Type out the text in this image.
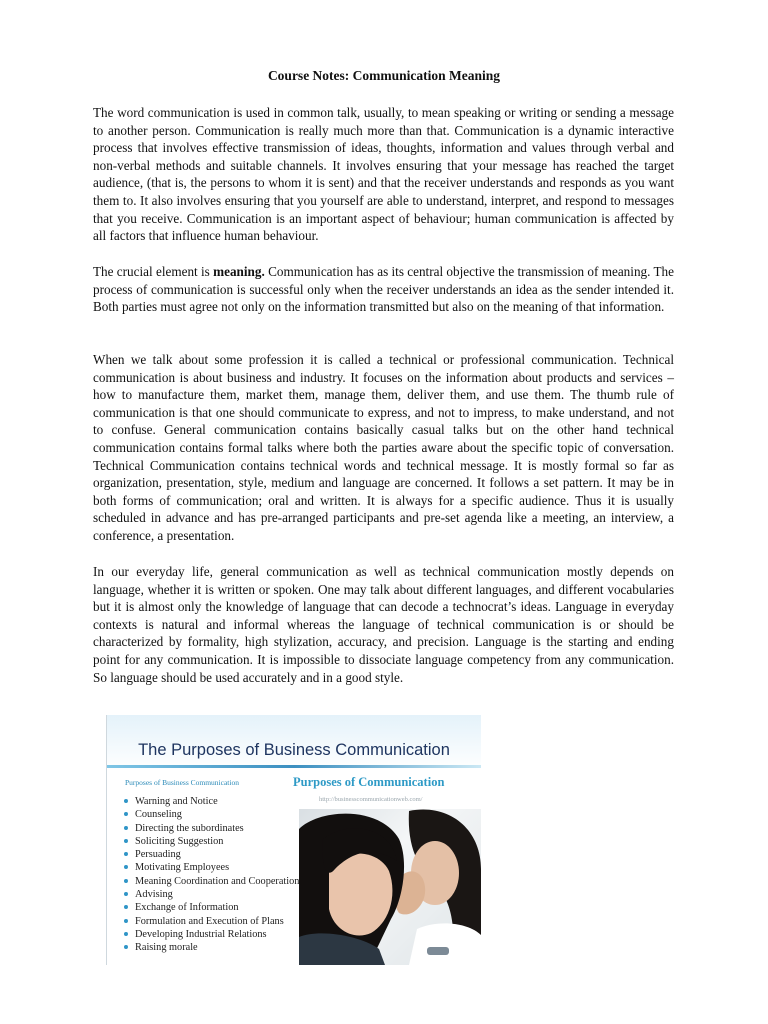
Course Notes: Communication Meaning

The word communication is used in common talk, usually, to mean speaking or writing or sending a message to another person. Communication is really much more than that. Communication is a dynamic interactive process that involves effective transmission of ideas, thoughts, information and values through verbal and non-verbal methods and suitable channels. It involves ensuring that your message has reached the target audience, (that is, the persons to whom it is sent) and that the receiver understands and responds as you want them to. It also involves ensuring that you yourself are able to understand, interpret, and respond to messages that you receive. Communication is an important aspect of behaviour; human communication is affected by all factors that influence human behaviour.

The crucial element is meaning. Communication has as its central objective the transmission of meaning. The process of communication is successful only when the receiver understands an idea as the sender intended it. Both parties must agree not only on the information transmitted but also on the meaning of that information.

When we talk about some profession it is called a technical or professional communication. Technical communication is about business and industry. It focuses on the information about products and services – how to manufacture them, market them, manage them, deliver them, and use them. The thumb rule of communication is that one should communicate to express, and not to impress, to make understand, and not to confuse. General communication contains basically casual talks but on the other hand technical communication contains formal talks where both the parties aware about the specific topic of conversation. Technical Communication contains technical words and technical message. It is mostly formal so far as organization, presentation, style, medium and language are concerned. It follows a set pattern. It may be in both forms of communication; oral and written. It is always for a specific audience. Thus it is usually scheduled in advance and has pre-arranged participants and pre-set agenda like a meeting, an interview, a conference, a presentation.

In our everyday life, general communication as well as technical communication mostly depends on language, whether it is written or spoken. One may talk about different languages, and different vocabularies but it is almost only the knowledge of language that can decode a technocrat’s ideas. Language in everyday contexts is natural and informal whereas the language of technical communication is or should be characterized by formality, high stylization, accuracy, and precision. Language is the starting and ending point for any communication. It is impossible to dissociate language competency from any communication. So language should be used accurately and in a good style.

The Purposes of Business Communication
Purposes of Business Communication	Purposes of Communication
http://businesscommunicationweb.com/
Warning and Notice
Counseling
Directing the subordinates
Soliciting Suggestion
Persuading
Motivating Employees
Meaning Coordination and Cooperation
Advising
Exchange of Information
Formulation and Execution of Plans
Developing Industrial Relations
Raising morale
